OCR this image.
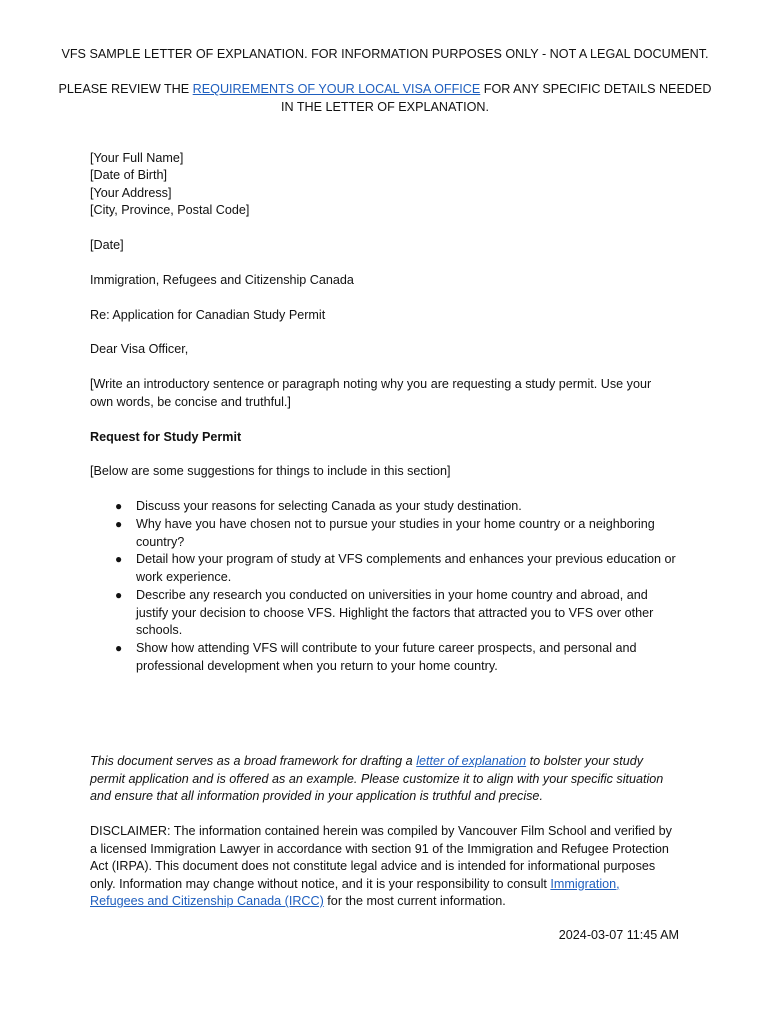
VFS SAMPLE LETTER OF EXPLANATION. FOR INFORMATION PURPOSES ONLY - NOT A LEGAL DOCUMENT.
PLEASE REVIEW THE REQUIREMENTS OF YOUR LOCAL VISA OFFICE FOR ANY SPECIFIC DETAILS NEEDED
IN THE LETTER OF EXPLANATION.
[Your Full Name]
[Date of Birth]
[Your Address]
[City, Province, Postal Code]
[Date]
Immigration, Refugees and Citizenship Canada
Re: Application for Canadian Study Permit
Dear Visa Officer,
[Write an introductory sentence or paragraph noting why you are requesting a study permit. Use your
own words, be concise and truthful.]
Request for Study Permit
[Below are some suggestions for things to include in this section]
● Discuss your reasons for selecting Canada as your study destination.
● Why have you have chosen not to pursue your studies in your home country or a neighboring
country?
● Detail how your program of study at VFS complements and enhances your previous education or
work experience.
● Describe any research you conducted on universities in your home country and abroad, and
justify your decision to choose VFS. Highlight the factors that attracted you to VFS over other
schools.
● Show how attending VFS will contribute to your future career prospects, and personal and
professional development when you return to your home country.
This document serves as a broad framework for drafting a letter of explanation to bolster your study
permit application and is offered as an example. Please customize it to align with your specific situation
and ensure that all information provided in your application is truthful and precise.
DISCLAIMER: The information contained herein was compiled by Vancouver Film School and verified by
a licensed Immigration Lawyer in accordance with section 91 of the Immigration and Refugee Protection
Act (IRPA). This document does not constitute legal advice and is intended for informational purposes
only. Information may change without notice, and it is your responsibility to consult Immigration,
Refugees and Citizenship Canada (IRCC) for the most current information.
2024-03-07 11:45 AM
